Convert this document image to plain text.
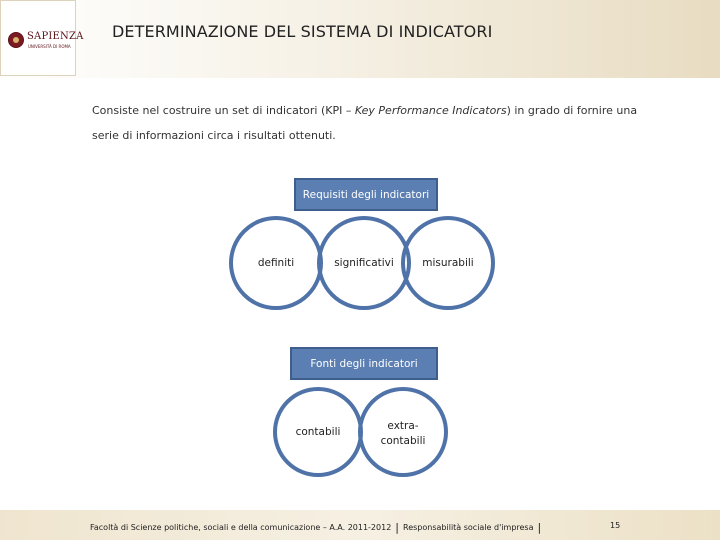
SAPIENZA
UNIVERSITÀ DI ROMA
DETERMINAZIONE DEL SISTEMA DI INDICATORI
Consiste nel costruire un set di indicatori (KPI – Key Performance Indicators) in grado di fornire una serie di informazioni circa i risultati ottenuti.
Requisiti degli indicatori
definiti	significativi	misurabili
Fonti degli indicatori
contabili	extra-
contabili
Facoltà di Scienze politiche, sociali e della comunicazione – A.A. 2011-2012 | Responsabilità sociale d'impresa |	15
